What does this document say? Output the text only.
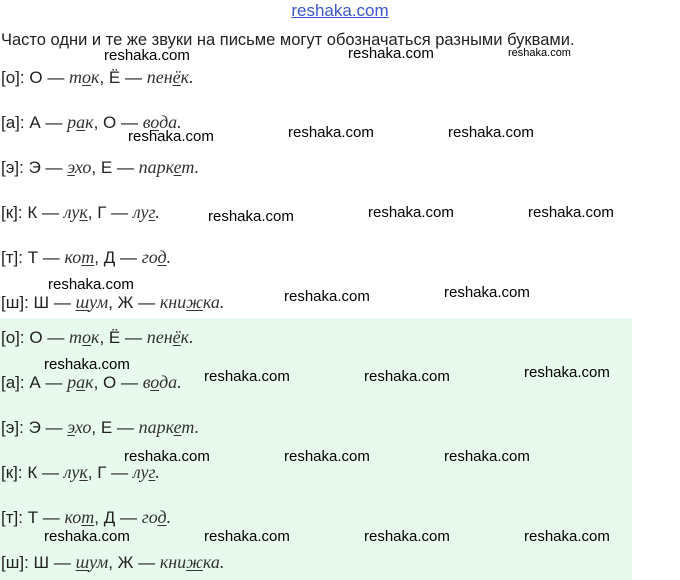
reshaka.com
Часто одни и те же звуки на письме могут обозначаться разными буквами.
[о]: О — ток, Ё — пенёк.
[а]: А — рак, О — вода.
[э]: Э — эхо, Е — паркет.
[к]: К — лук, Г — луг.
[т]: Т — кот, Д — год.
[ш]: Ш — шум, Ж — книжка.
[о]: О — ток, Ё — пенёк.
[а]: А — рак, О — вода.
[э]: Э — эхо, Е — паркет.
[к]: К — лук, Г — луг.
[т]: Т — кот, Д — год.
[ш]: Ш — шум, Ж — книжка.
reshaka.com	reshaka.com	reshaka.com
reshaka.com	reshaka.com	reshaka.com
reshaka.com	reshaka.com	reshaka.com
reshaka.com
reshaka.com	reshaka.com
reshaka.com
reshaka.com	reshaka.com	reshaka.com
reshaka.com	reshaka.com	reshaka.com
reshaka.com	reshaka.com	reshaka.com	reshaka.com
